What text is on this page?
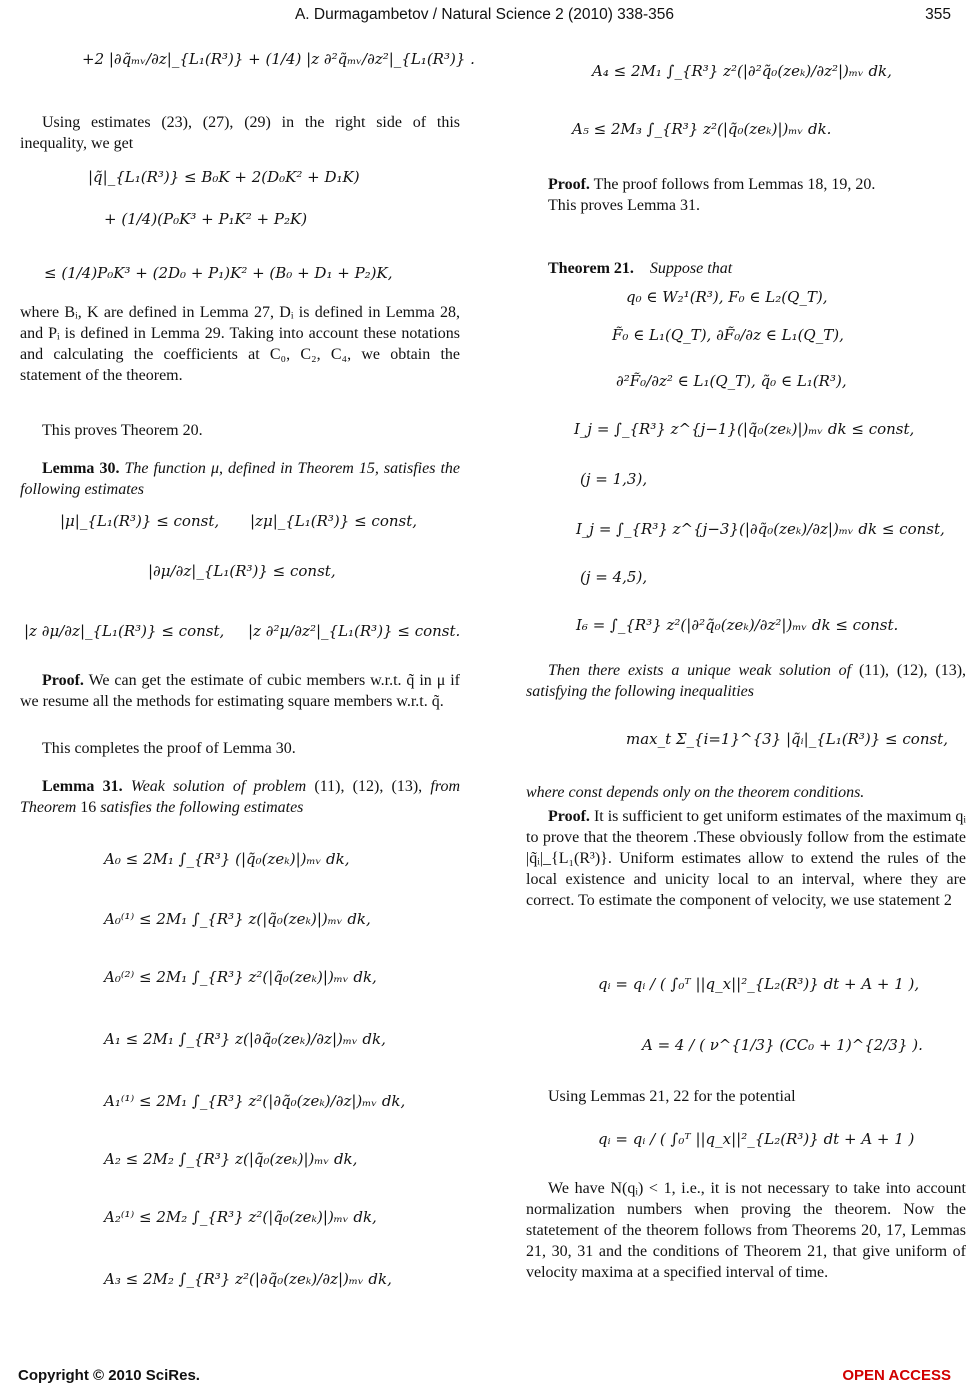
A. Durmagambetov / Natural Science 2 (2010) 338-356	355
+2 |∂q̃ₘᵥ/∂z|_{L₁(R³)} + (1/4) |z ∂²q̃ₘᵥ/∂z²|_{L₁(R³)} .

Using estimates (23), (27), (29) in the right side of this inequality, we get

|q̃|_{L₁(R³)} ≤ B₀K + 2(D₀K² + D₁K)
+ (1/4)(P₀K³ + P₁K² + P₂K)
≤ (1/4)P₀K³ + (2D₀ + P₁)K² + (B₀ + D₁ + P₂)K,

where Bᵢ, K are defined in Lemma 27, Dᵢ is defined in Lemma 28, and Pᵢ is defined in Lemma 29. Taking into account these notations and calculating the coefficients at C₀, C₂, C₄, we obtain the statement of the theorem.

This proves Theorem 20.

Lemma 30. The function μ, defined in Theorem 15, satisfies the following estimates

|μ|_{L₁(R³)} ≤ const, |zμ|_{L₁(R³)} ≤ const,
|∂μ/∂z|_{L₁(R³)} ≤ const,
|z ∂μ/∂z|_{L₁(R³)} ≤ const, |z ∂²μ/∂z²|_{L₁(R³)} ≤ const.

Proof. We can get the estimate of cubic members w.r.t. q̃ in μ if we resume all the methods for estimating square members w.r.t. q̃.

This completes the proof of Lemma 30.

Lemma 31. Weak solution of problem (11), (12), (13), from Theorem 16 satisfies the following estimates

A₀ ≤ 2M₁ ∫_{R³} (|q̃₀(zeₖ)|)ₘᵥ dk,
A₀⁽¹⁾ ≤ 2M₁ ∫_{R³} z(|q̃₀(zeₖ)|)ₘᵥ dk,
A₀⁽²⁾ ≤ 2M₁ ∫_{R³} z²(|q̃₀(zeₖ)|)ₘᵥ dk,
A₁ ≤ 2M₁ ∫_{R³} z(|∂q̃₀(zeₖ)/∂z|)ₘᵥ dk,
A₁⁽¹⁾ ≤ 2M₁ ∫_{R³} z²(|∂q̃₀(zeₖ)/∂z|)ₘᵥ dk,
A₂ ≤ 2M₂ ∫_{R³} z(|q̃₀(zeₖ)|)ₘᵥ dk,
A₂⁽¹⁾ ≤ 2M₂ ∫_{R³} z²(|q̃₀(zeₖ)|)ₘᵥ dk,
A₃ ≤ 2M₂ ∫_{R³} z²(|∂q̃₀(zeₖ)/∂z|)ₘᵥ dk,
A₄ ≤ 2M₁ ∫_{R³} z²(|∂²q̃₀(zeₖ)/∂z²|)ₘᵥ dk,
A₅ ≤ 2M₃ ∫_{R³} z²(|q̃₀(zeₖ)|)ₘᵥ dk.

Proof. The proof follows from Lemmas 18, 19, 20.

This proves Lemma 31.

Theorem 21. Suppose that

q₀ ∈ W₂¹(R³), F₀ ∈ L₂(Q_T),
F̃₀ ∈ L₁(Q_T), ∂F̃₀/∂z ∈ L₁(Q_T),
∂²F̃₀/∂z² ∈ L₁(Q_T), q̃₀ ∈ L₁(R³),
I_j = ∫_{R³} z^{j−1}(|q̃₀(zeₖ)|)ₘᵥ dk ≤ const,
(j = 1,3),
I_j = ∫_{R³} z^{j−3}(|∂q̃₀(zeₖ)/∂z|)ₘᵥ dk ≤ const,
(j = 4,5),
I₆ = ∫_{R³} z²(|∂²q̃₀(zeₖ)/∂z²|)ₘᵥ dk ≤ const.

Then there exists a unique weak solution of (11), (12), (13), satisfying the following inequalities

max_t Σ_{i=1}^{3} |q̃ᵢ|_{L₁(R³)} ≤ const,

where const depends only on the theorem conditions.

Proof. It is sufficient to get uniform estimates of the maximum qᵢ to prove that the theorem .These obviously follow from the estimate |q̃ᵢ|_{L₁(R³)}. Uniform estimates allow to extend the rules of the local existence and unicity local to an interval, where they are correct. To estimate the component of velocity, we use statement 2

qᵢ = qᵢ / ( ∫₀ᵀ ||q_x||²_{L₂(R³)} dt + A + 1 ),
A = 4 / ( ν^{1/3} (CC₀ + 1)^{2/3} ).

Using Lemmas 21, 22 for the potential

qᵢ = qᵢ / ( ∫₀ᵀ ||q_x||²_{L₂(R³)} dt + A + 1 )

We have N(qᵢ) < 1, i.e., it is not necessary to take into account normalization numbers when proving the theorem. Now the statetement of the theorem follows from Theorems 20, 17, Lemmas 21, 30, 31 and the conditions of Theorem 21, that give uniform of velocity maxima at a specified interval of time.

Copyright © 2010 SciRes.	OPEN ACCESS
